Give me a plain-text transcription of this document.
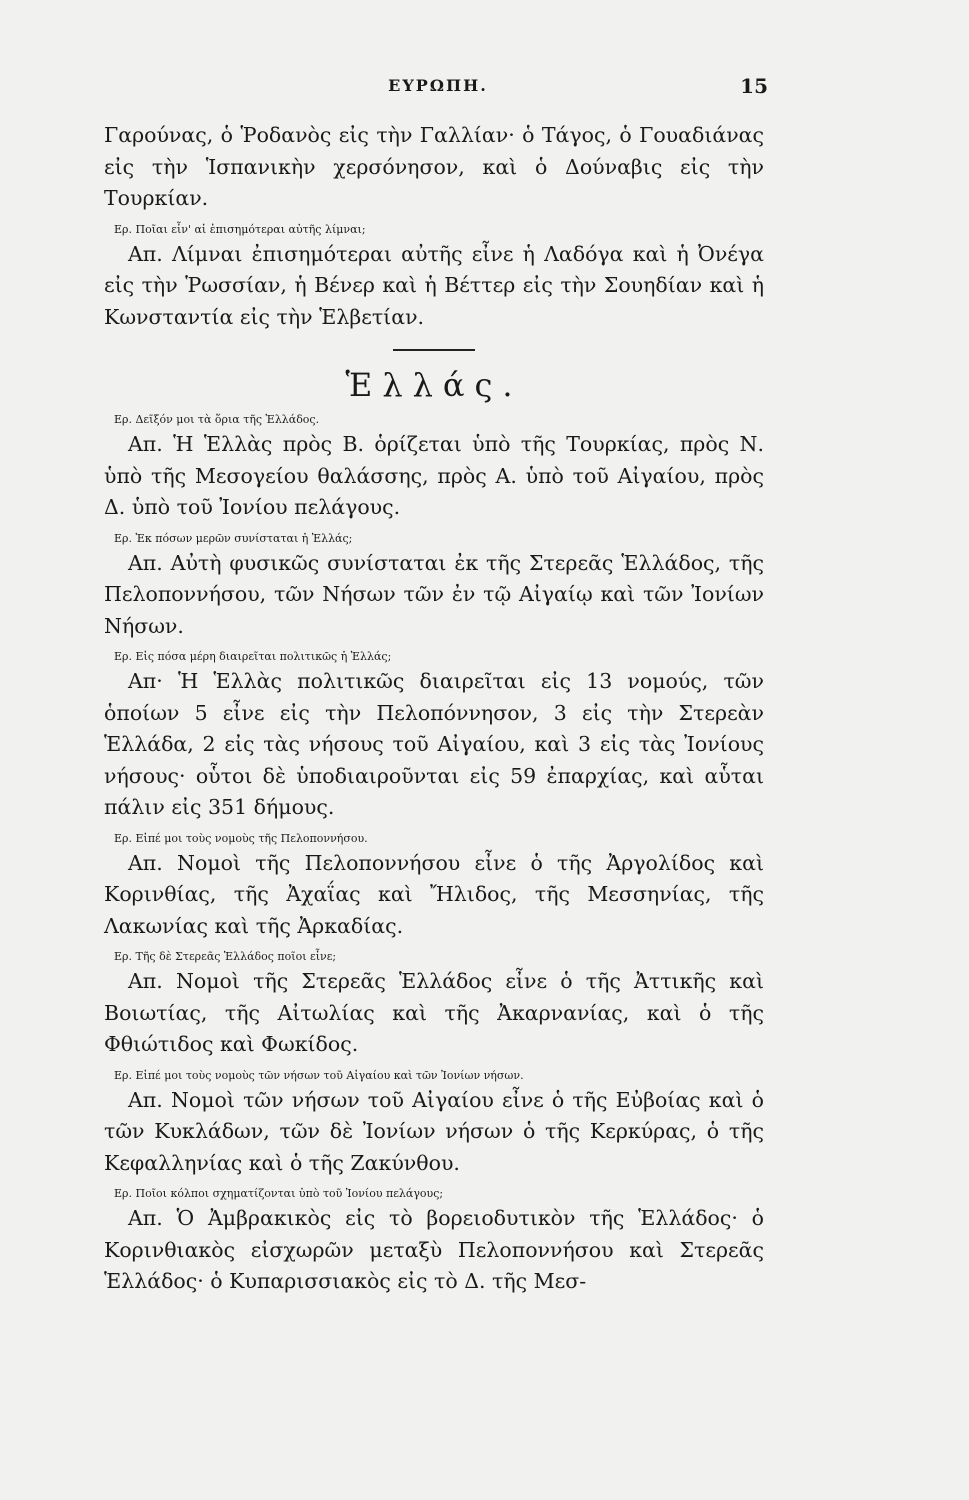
ΕΥΡΩΠΗ.	15

Γαρούνας, ὁ Ῥοδανὸς εἰς τὴν Γαλλίαν· ὁ Τάγος, ὁ Γουαδιάνας εἰς τὴν Ἱσπανικὴν χερσόνησον, καὶ ὁ Δούναβις εἰς τὴν Τουρκίαν.

Ερ. Ποῖαι εἶν' αἱ ἐπισημότεραι αὐτῆς λίμναι;

Απ. Λίμναι ἐπισημότεραι αὐτῆς εἶνε ἡ Λαδόγα καὶ ἡ Ὀνέγα εἰς τὴν Ῥωσσίαν, ἡ Βένερ καὶ ἡ Βέττερ εἰς τὴν Σουηδίαν καὶ ἡ Κωνσταντία εἰς τὴν Ἑλβετίαν.

Ἑλλάς.

Ερ. Δεῖξόν μοι τὰ ὅρια τῆς Ἑλλάδος.

Απ. Ἡ Ἑλλὰς πρὸς Β. ὁρίζεται ὑπὸ τῆς Τουρκίας, πρὸς Ν. ὑπὸ τῆς Μεσογείου θαλάσσης, πρὸς Α. ὑπὸ τοῦ Αἰγαίου, πρὸς Δ. ὑπὸ τοῦ Ἰονίου πελάγους.

Ερ. Ἐκ πόσων μερῶν συνίσταται ἡ Ἑλλάς;

Απ. Αὐτὴ φυσικῶς συνίσταται ἐκ τῆς Στερεᾶς Ἑλλάδος, τῆς Πελοποννήσου, τῶν Νήσων τῶν ἐν τῷ Αἰγαίῳ καὶ τῶν Ἰονίων Νήσων.

Ερ. Εἰς πόσα μέρη διαιρεῖται πολιτικῶς ἡ Ἑλλάς;

Απ· Ἡ Ἑλλὰς πολιτικῶς διαιρεῖται εἰς 13 νομούς, τῶν ὁποίων 5 εἶνε εἰς τὴν Πελοπόννησον, 3 εἰς τὴν Στερεὰν Ἑλλάδα, 2 εἰς τὰς νήσους τοῦ Αἰγαίου, καὶ 3 εἰς τὰς Ἰονίους νήσους· οὗτοι δὲ ὑποδιαιροῦνται εἰς 59 ἐπαρχίας, καὶ αὗται πάλιν εἰς 351 δήμους.

Ερ. Εἰπέ μοι τοὺς νομοὺς τῆς Πελοποννήσου.

Απ. Νομοὶ τῆς Πελοποννήσου εἶνε ὁ τῆς Ἀργολίδος καὶ Κορινθίας, τῆς Ἀχαΐας καὶ Ἤλιδος, τῆς Μεσσηνίας, τῆς Λακωνίας καὶ τῆς Ἀρκαδίας.

Ερ. Τῆς δὲ Στερεᾶς Ἑλλάδος ποῖοι εἶνε;

Απ. Νομοὶ τῆς Στερεᾶς Ἑλλάδος εἶνε ὁ τῆς Ἀττικῆς καὶ Βοιωτίας, τῆς Αἰτωλίας καὶ τῆς Ἀκαρνανίας, καὶ ὁ τῆς Φθιώτιδος καὶ Φωκίδος.

Ερ. Εἰπέ μοι τοὺς νομοὺς τῶν νήσων τοῦ Αἰγαίου καὶ τῶν Ἰονίων νήσων.

Απ. Νομοὶ τῶν νήσων τοῦ Αἰγαίου εἶνε ὁ τῆς Εὐβοίας καὶ ὁ τῶν Κυκλάδων, τῶν δὲ Ἰονίων νήσων ὁ τῆς Κερκύρας, ὁ τῆς Κεφαλληνίας καὶ ὁ τῆς Ζακύνθου.

Ερ. Ποῖοι κόλποι σχηματίζονται ὑπὸ τοῦ Ἰονίου πελάγους;

Απ. Ὁ Ἀμβρακικὸς εἰς τὸ βορειοδυτικὸν τῆς Ἑλλάδος· ὁ Κορινθιακὸς εἰσχωρῶν μεταξὺ Πελοποννήσου καὶ Στερεᾶς Ἑλλάδος· ὁ Κυπαρισσιακὸς εἰς τὸ Δ. τῆς Μεσ-
